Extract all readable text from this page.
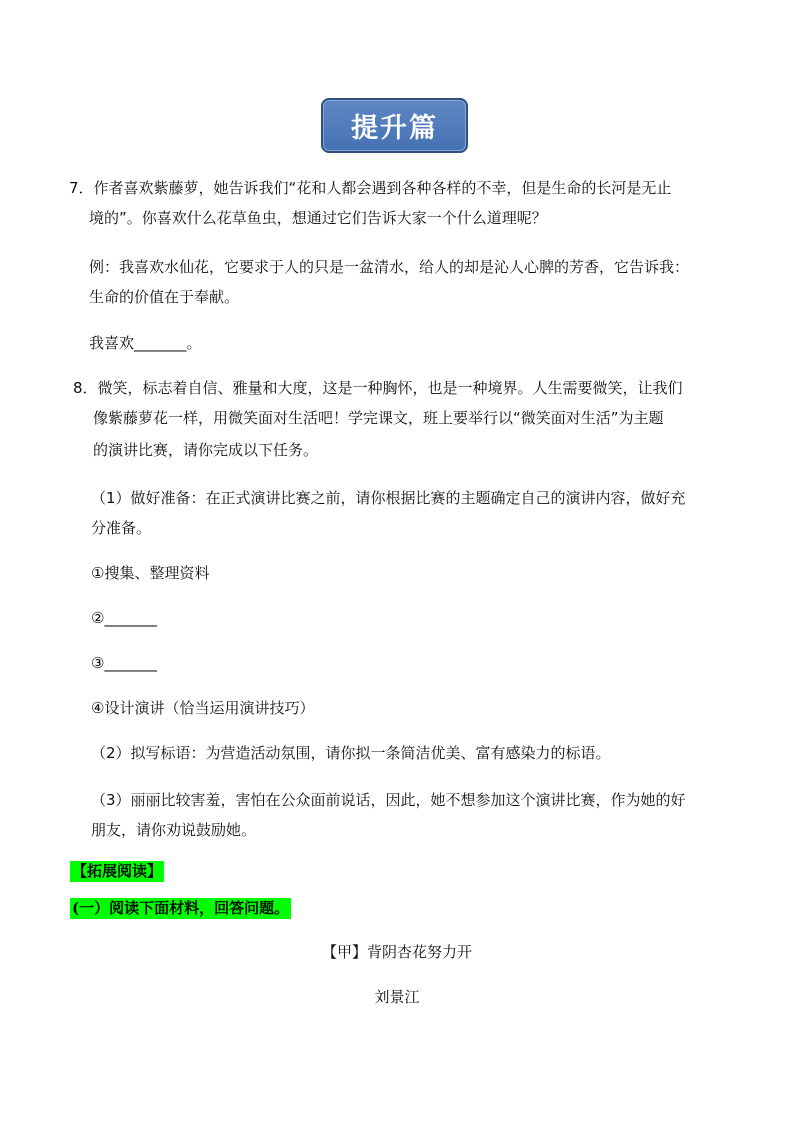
提升篇
7．作者喜欢紫藤萝，她告诉我们“花和人都会遇到各种各样的不幸，但是生命的长河是无止
境的”。你喜欢什么花草鱼虫，想通过它们告诉大家一个什么道理呢？
例：我喜欢水仙花，它要求于人的只是一盆清水，给人的却是沁人心脾的芳香，它告诉我：
生命的价值在于奉献。
我喜欢_______。
8．微笑，标志着自信、雅量和大度，这是一种胸怀，也是一种境界。人生需要微笑，让我们
像紫藤萝花一样，用微笑面对生活吧！学完课文，班上要举行以“微笑面对生活”为主题
的演讲比赛，请你完成以下任务。
（1）做好准备：在正式演讲比赛之前，请你根据比赛的主题确定自己的演讲内容，做好充
分准备。
①搜集、整理资料
②_______
③_______
④设计演讲（恰当运用演讲技巧）
（2）拟写标语：为营造活动氛围，请你拟一条简洁优美、富有感染力的标语。
（3）丽丽比较害羞，害怕在公众面前说话，因此，她不想参加这个演讲比赛，作为她的好
朋友，请你劝说鼓励她。
【拓展阅读】
(一）阅读下面材料，回答问题。
【甲】背阴杏花努力开
刘景江
